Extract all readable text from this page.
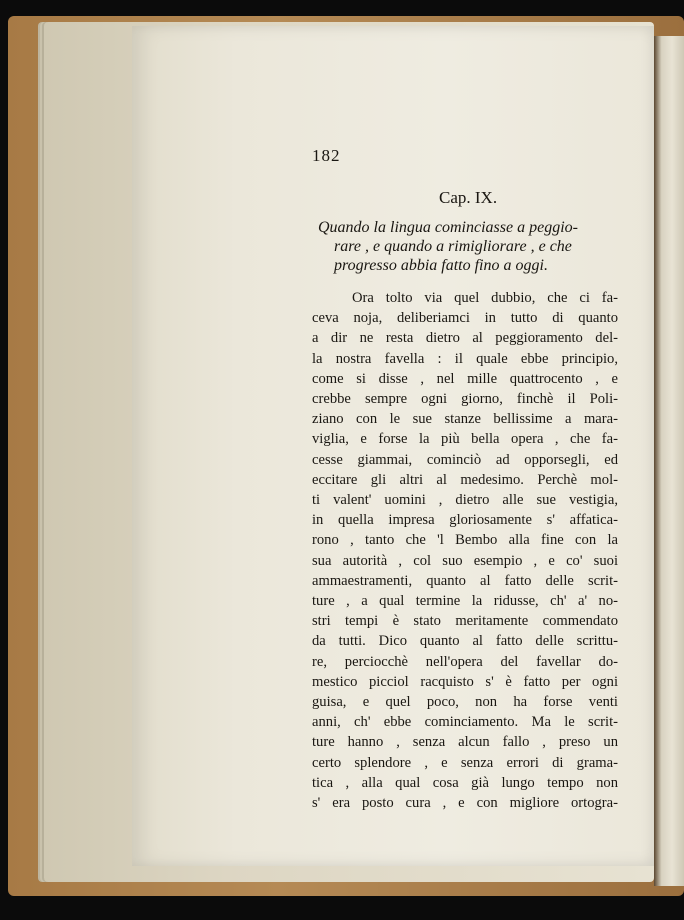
182
Cap. IX.
Quando la lingua cominciasse a peggio-
rare , e quando a rimigliorare , e che
progresso abbia fatto fino a oggi.
Ora tolto via quel dubbio, che ci fa-
ceva noja, deliberiamci in tutto di quanto
a dir ne resta dietro al peggioramento del-
la nostra favella : il quale ebbe principio,
come si disse , nel mille quattrocento , e
crebbe sempre ogni giorno, finchè il Poli-
ziano con le sue stanze bellissime a mara-
viglia, e forse la più bella opera , che fa-
cesse giammai, cominciò ad opporsegli, ed
eccitare gli altri al medesimo. Perchè mol-
ti valent' uomini , dietro alle sue vestigia,
in quella impresa gloriosamente s' affatica-
rono , tanto che 'l Bembo alla fine con la
sua autorità , col suo esempio , e co' suoi
ammaestramenti, quanto al fatto delle scrit-
ture , a qual termine la ridusse, ch' a' no-
stri tempi è stato meritamente commendato
da tutti. Dico quanto al fatto delle scrittu-
re, perciocchè nell'opera del favellar do-
mestico picciol racquisto s' è fatto per ogni
guisa, e quel poco, non ha forse venti
anni, ch' ebbe cominciamento. Ma le scrit-
ture hanno , senza alcun fallo , preso un
certo splendore , e senza errori di grama-
tica , alla qual cosa già lungo tempo non
s' era posto cura , e con migliore ortogra-
